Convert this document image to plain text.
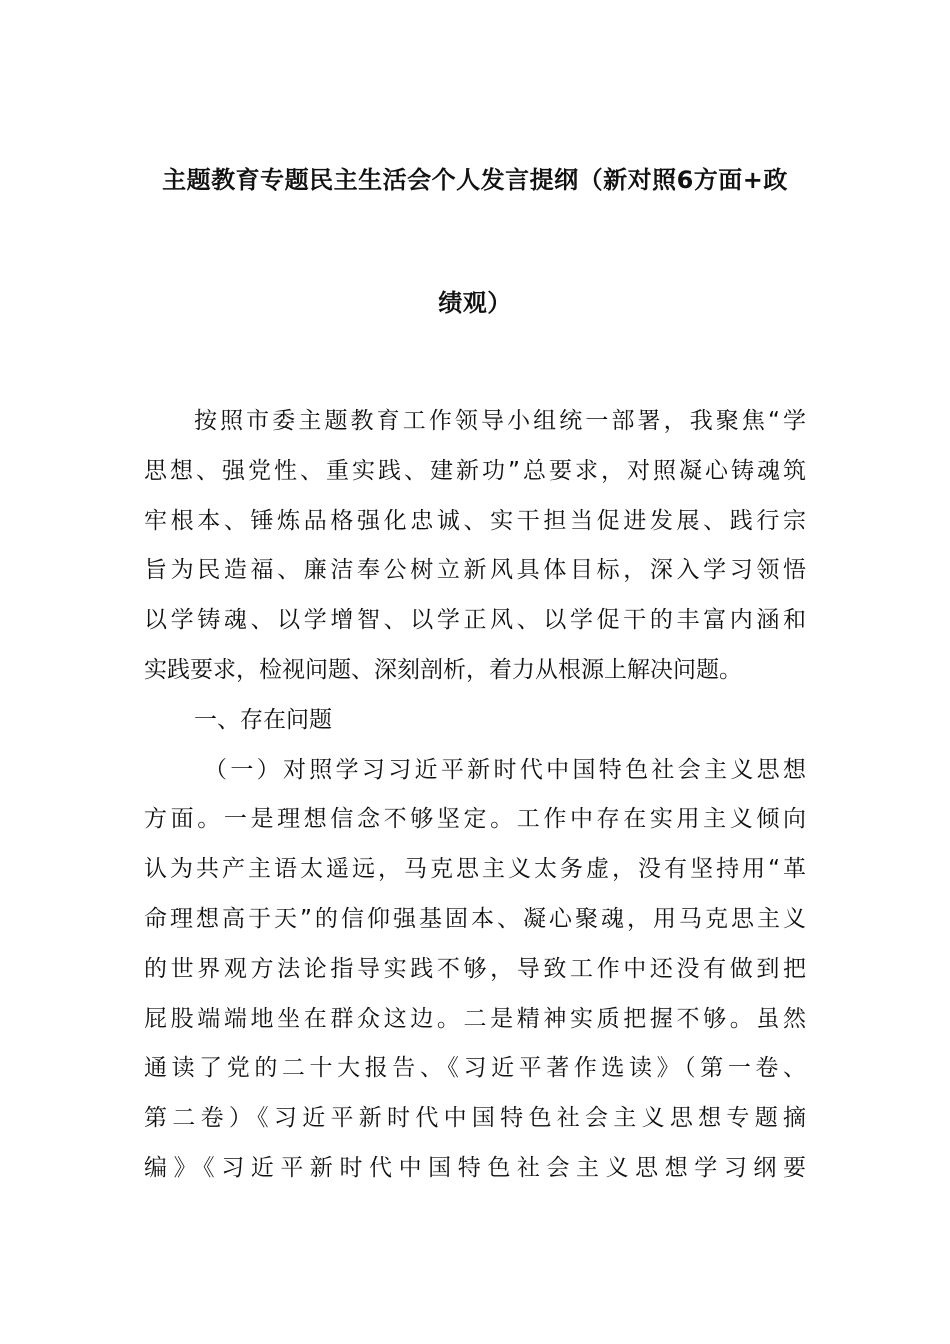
主题教育专题民主生活会个人发言提纲（新对照6方面+政
绩观）
按照市委主题教育工作领导小组统一部署，我聚焦“学
思想、强党性、重实践、建新功”总要求，对照凝心铸魂筑
牢根本、锤炼品格强化忠诚、实干担当促进发展、践行宗
旨为民造福、廉洁奉公树立新风具体目标，深入学习领悟
以学铸魂、以学增智、以学正风、以学促干的丰富内涵和
实践要求，检视问题、深刻剖析，着力从根源上解决问题。
一、存在问题
（一）对照学习习近平新时代中国特色社会主义思想
方面。一是理想信念不够坚定。工作中存在实用主义倾向
认为共产主语太遥远，马克思主义太务虚，没有坚持用“革
命理想高于天”的信仰强基固本、凝心聚魂，用马克思主义
的世界观方法论指导实践不够，导致工作中还没有做到把
屁股端端地坐在群众这边。二是精神实质把握不够。虽然
通读了党的二十大报告、《习近平著作选读》（第一卷、
第二卷）《习近平新时代中国特色社会主义思想专题摘
编》《习近平新时代中国特色社会主义思想学习纲要
